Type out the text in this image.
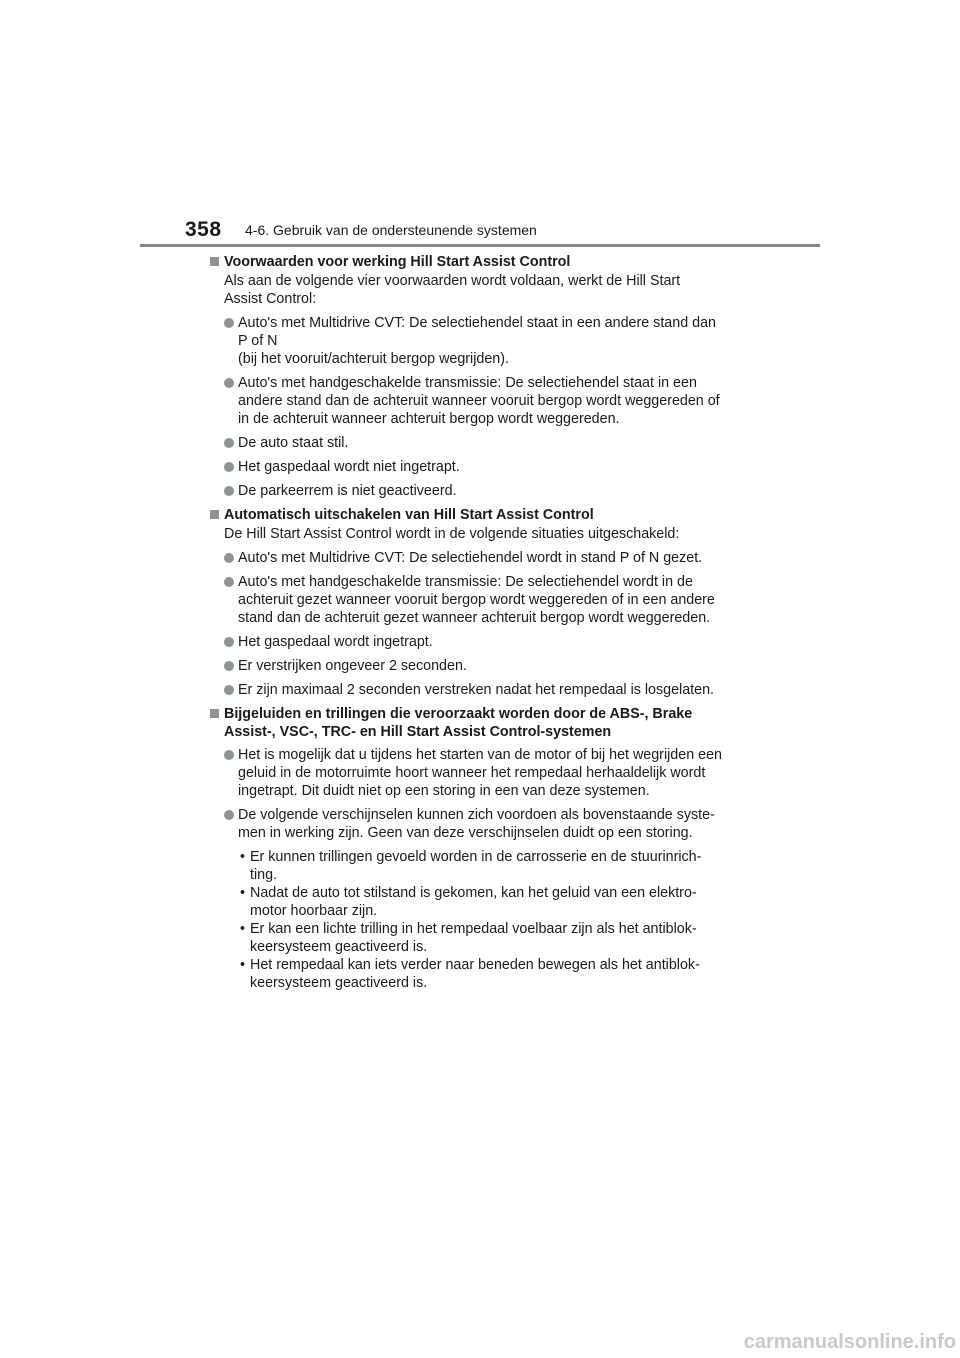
358 4-6. Gebruik van de ondersteunende systemen
Voorwaarden voor werking Hill Start Assist Control
Als aan de volgende vier voorwaarden wordt voldaan, werkt de Hill Start
Assist Control:
Auto's met Multidrive CVT: De selectiehendel staat in een andere stand dan
P of N
(bij het vooruit/achteruit bergop wegrijden).
Auto's met handgeschakelde transmissie: De selectiehendel staat in een
andere stand dan de achteruit wanneer vooruit bergop wordt weggereden of
in de achteruit wanneer achteruit bergop wordt weggereden.
De auto staat stil.
Het gaspedaal wordt niet ingetrapt.
De parkeerrem is niet geactiveerd.
Automatisch uitschakelen van Hill Start Assist Control
De Hill Start Assist Control wordt in de volgende situaties uitgeschakeld:
Auto's met Multidrive CVT: De selectiehendel wordt in stand P of N gezet.
Auto's met handgeschakelde transmissie: De selectiehendel wordt in de
achteruit gezet wanneer vooruit bergop wordt weggereden of in een andere
stand dan de achteruit gezet wanneer achteruit bergop wordt weggereden.
Het gaspedaal wordt ingetrapt.
Er verstrijken ongeveer 2 seconden.
Er zijn maximaal 2 seconden verstreken nadat het rempedaal is losgelaten.
Bijgeluiden en trillingen die veroorzaakt worden door de ABS-, Brake
Assist-, VSC-, TRC- en Hill Start Assist Control-systemen
Het is mogelijk dat u tijdens het starten van de motor of bij het wegrijden een
geluid in de motorruimte hoort wanneer het rempedaal herhaaldelijk wordt
ingetrapt. Dit duidt niet op een storing in een van deze systemen.
De volgende verschijnselen kunnen zich voordoen als bovenstaande syste-
men in werking zijn. Geen van deze verschijnselen duidt op een storing.
• Er kunnen trillingen gevoeld worden in de carrosserie en de stuurinrich-
ting.
• Nadat de auto tot stilstand is gekomen, kan het geluid van een elektro-
motor hoorbaar zijn.
• Er kan een lichte trilling in het rempedaal voelbaar zijn als het antiblok-
keersysteem geactiveerd is.
• Het rempedaal kan iets verder naar beneden bewegen als het antiblok-
keersysteem geactiveerd is.
carmanualsonline.info
